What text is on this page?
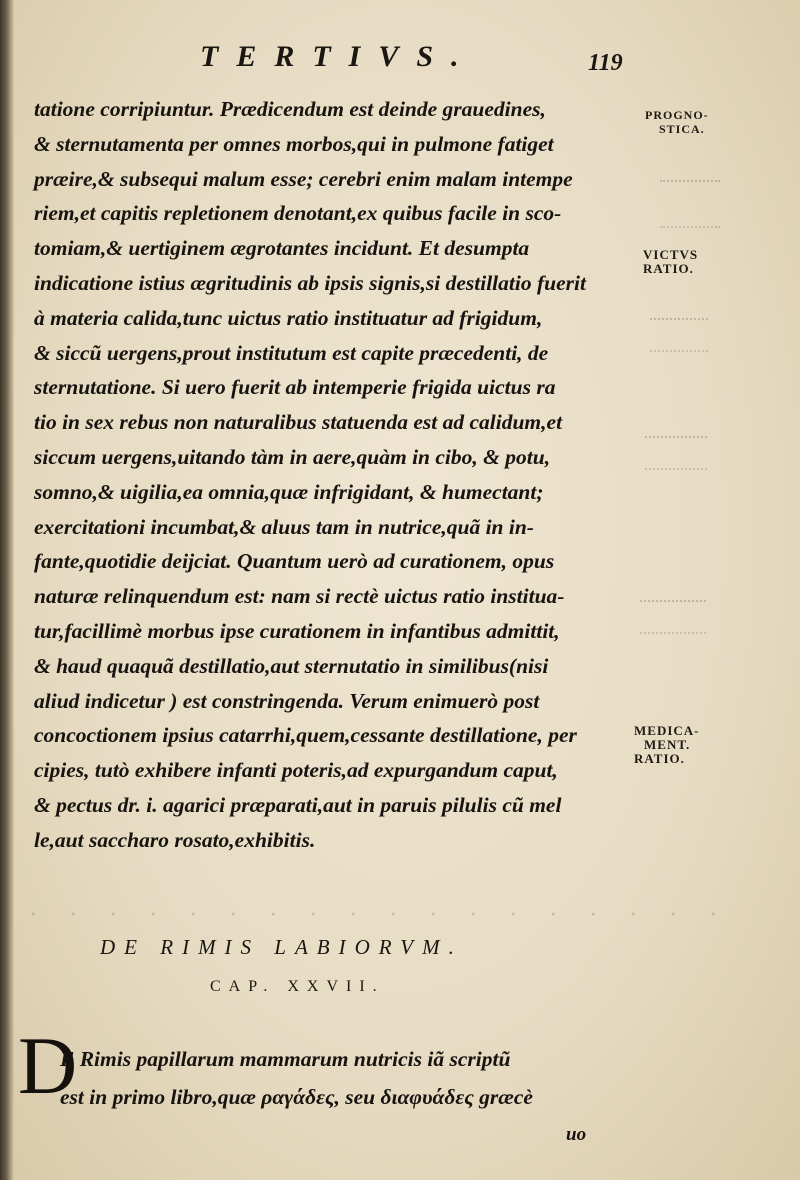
TERTIVS.	119
tatione corripiuntur. Prædicendum est deinde grauedines,
& sternutamenta per omnes morbos,qui in pulmone fatiget
præire,& subsequi malum esse; cerebri enim malam intempe
riem,et capitis repletionem denotant,ex quibus facile in sco-
tomiam,& uertiginem ægrotantes incidunt. Et desumpta
indicatione istius ægritudinis ab ipsis signis,si destillatio fuerit
à materia calida,tunc uictus ratio instituatur ad frigidum,
& siccũ uergens,prout institutum est capite præcedenti, de
sternutatione. Si uero fuerit ab intemperie frigida uictus ra
tio in sex rebus non naturalibus statuenda est ad calidum,et
siccum uergens,uitando tàm in aere,quàm in cibo, & potu,
somno,& uigilia,ea omnia,quæ infrigidant, & humectant;
exercitationi incumbat,& aluus tam in nutrice,quã in in-
fante,quotidie deijciat. Quantum uerò ad curationem, opus
naturæ relinquendum est: nam si rectè uictus ratio institua-
tur,facillimè morbus ipse curationem in infantibus admittit,
& haud quaquã destillatio,aut sternutatio in similibus(nisi
aliud indicetur ) est constringenda. Verum enimuerò post
concoctionem ipsius catarrhi,quem,cessante destillatione, per
cipies, tutò exhibere infanti poteris,ad expurgandum caput,
& pectus dr. i. agarici præparati,aut in paruis pilulis cũ mel
le,aut saccharo rosato,exhibitis.
PROGNO-
STICA.
VICTVS
RATIO.
MEDICA-
MENT.
RATIO.
· · · · · · · · · · · · · · · · · ·
DE RIMIS LABIORVM.
CAP. XXVII.
D
E Rimis papillarum mammarum nutricis iã scriptũ
est in primo libro,quæ ραγάδες, seu διαφυάδες græcè
uo
